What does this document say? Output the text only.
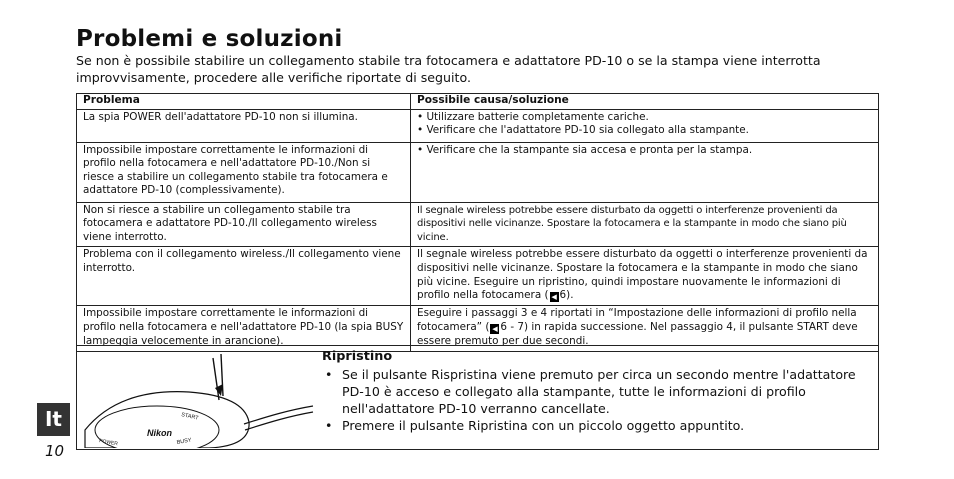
Problemi e soluzioni

Se non è possibile stabilire un collegamento stabile tra fotocamera e adattatore PD-10 o se la stampa viene interrotta improvvisamente, procedere alle verifiche riportate di seguito.

Problema	Possibile causa/soluzione
La spia POWER dell'adattatore PD-10 non si illumina.	• Utilizzare batterie completamente cariche.
• Verificare che l'adattatore PD-10 sia collegato alla stampante.

Impossibile impostare correttamente le informazioni di profilo nella fotocamera e nell'adattatore PD-10./Non si riesce a stabilire un collegamento stabile tra fotocamera e adattatore PD-10 (complessivamente).	• Verificare che la stampante sia accesa e pronta per la stampa.

Non si riesce a stabilire un collegamento stabile tra fotocamera e adattatore PD-10./Il collegamento wireless viene interrotto.	Il segnale wireless potrebbe essere disturbato da oggetti o interferenze provenienti da dispositivi nelle vicinanze. Spostare la fotocamera e la stampante in modo che siano più vicine.
Problema con il collegamento wireless./Il collegamento viene interrotto.	Il segnale wireless potrebbe essere disturbato da oggetti o interferenze provenienti da dispositivi nelle vicinanze. Spostare la fotocamera e la stampante in modo che siano più vicine. Eseguire un ripristino, quindi impostare nuovamente le informazioni di profilo nella fotocamera ( ◀ 6).
Impossibile impostare correttamente le informazioni di profilo nella fotocamera e nell'adattatore PD-10 (la spia BUSY lampeggia velocemente in arancione).	Eseguire i passaggi 3 e 4 riportati in “Impostazione delle informazioni di profilo nella fotocamera” ( ◀ 6 - 7) in rapida successione. Nel passaggio 4, il pulsante START deve essere premuto per due secondi.
Nikon
START
POWER	BUSY
Ripristino
• Se il pulsante Rispristina viene premuto per circa un secondo mentre l'adattatore PD-10 è acceso e collegato alla stampante, tutte le informazioni di profilo nell'adattatore PD-10 verranno cancellate.
• Premere il pulsante Ripristina con un piccolo oggetto appuntito.
It
10
